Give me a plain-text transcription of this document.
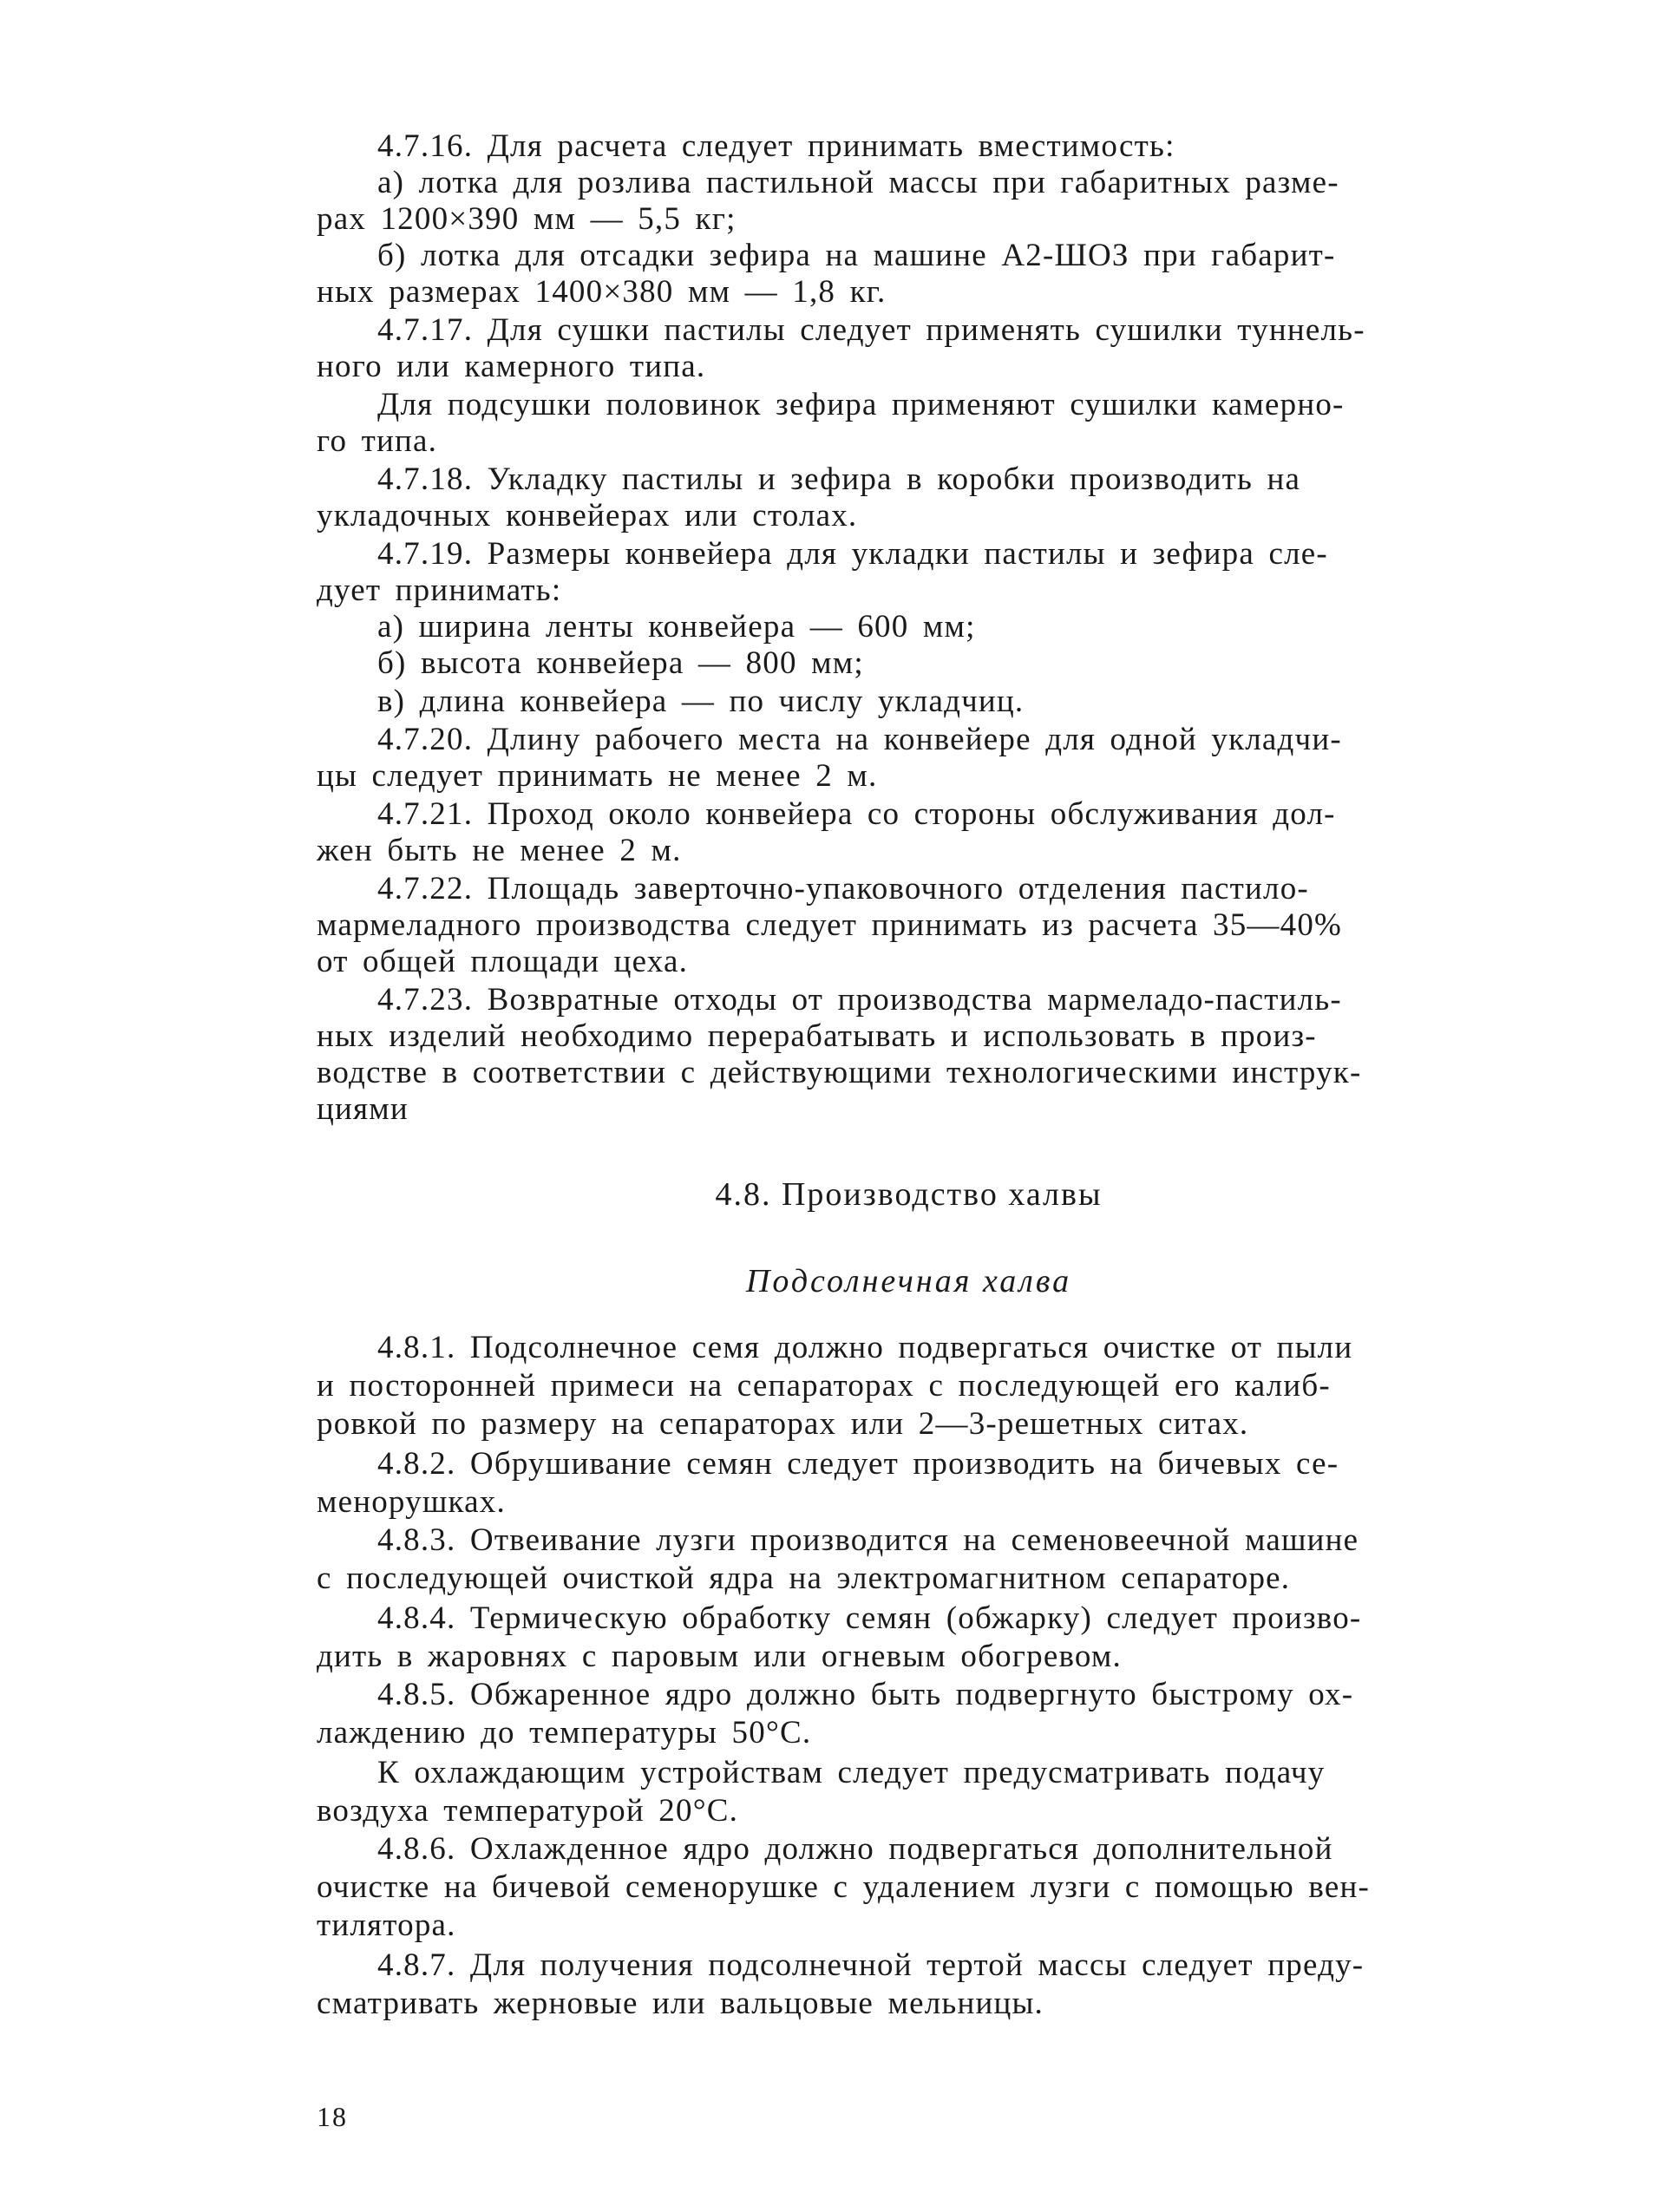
4.7.16. Для расчета следует принимать вместимость:
а) лотка для розлива пастильной массы при габаритных разме-
рах 1200×390 мм — 5,5 кг;
б) лотка для отсадки зефира на машине А2-ШОЗ при габарит-
ных размерах 1400×380 мм — 1,8 кг.
4.7.17. Для сушки пастилы следует применять сушилки туннель-
ного или камерного типа.
Для подсушки половинок зефира применяют сушилки камерно-
го типа.
4.7.18. Укладку пастилы и зефира в коробки производить на
укладочных конвейерах или столах.
4.7.19. Размеры конвейера для укладки пастилы и зефира сле-
дует принимать:
а) ширина ленты конвейера — 600 мм;
б) высота конвейера — 800 мм;
в) длина конвейера — по числу укладчиц.
4.7.20. Длину рабочего места на конвейере для одной укладчи-
цы следует принимать не менее 2 м.
4.7.21. Проход около конвейера со стороны обслуживания дол-
жен быть не менее 2 м.
4.7.22. Площадь заверточно-упаковочного отделения пастило-
мармеладного производства следует принимать из расчета 35—40%
от общей площади цеха.
4.7.23. Возвратные отходы от производства мармеладо-пастиль-
ных изделий необходимо перерабатывать и использовать в произ-
водстве в соответствии с действующими технологическими инструк-
циями
4.8. Производство халвы
Подсолнечная халва
4.8.1. Подсолнечное семя должно подвергаться очистке от пыли
и посторонней примеси на сепараторах с последующей его калиб-
ровкой по размеру на сепараторах или 2—3-решетных ситах.
4.8.2. Обрушивание семян следует производить на бичевых се-
менорушках.
4.8.3. Отвеивание лузги производится на семеновеечной машине
с последующей очисткой ядра на электромагнитном сепараторе.
4.8.4. Термическую обработку семян (обжарку) следует произво-
дить в жаровнях с паровым или огневым обогревом.
4.8.5. Обжаренное ядро должно быть подвергнуто быстрому ох-
лаждению до температуры 50°С.
К охлаждающим устройствам следует предусматривать подачу
воздуха температурой 20°С.
4.8.6. Охлажденное ядро должно подвергаться дополнительной
очистке на бичевой семенорушке с удалением лузги с помощью вен-
тилятора.
4.8.7. Для получения подсолнечной тертой массы следует преду-
сматривать жерновые или вальцовые мельницы.
18
